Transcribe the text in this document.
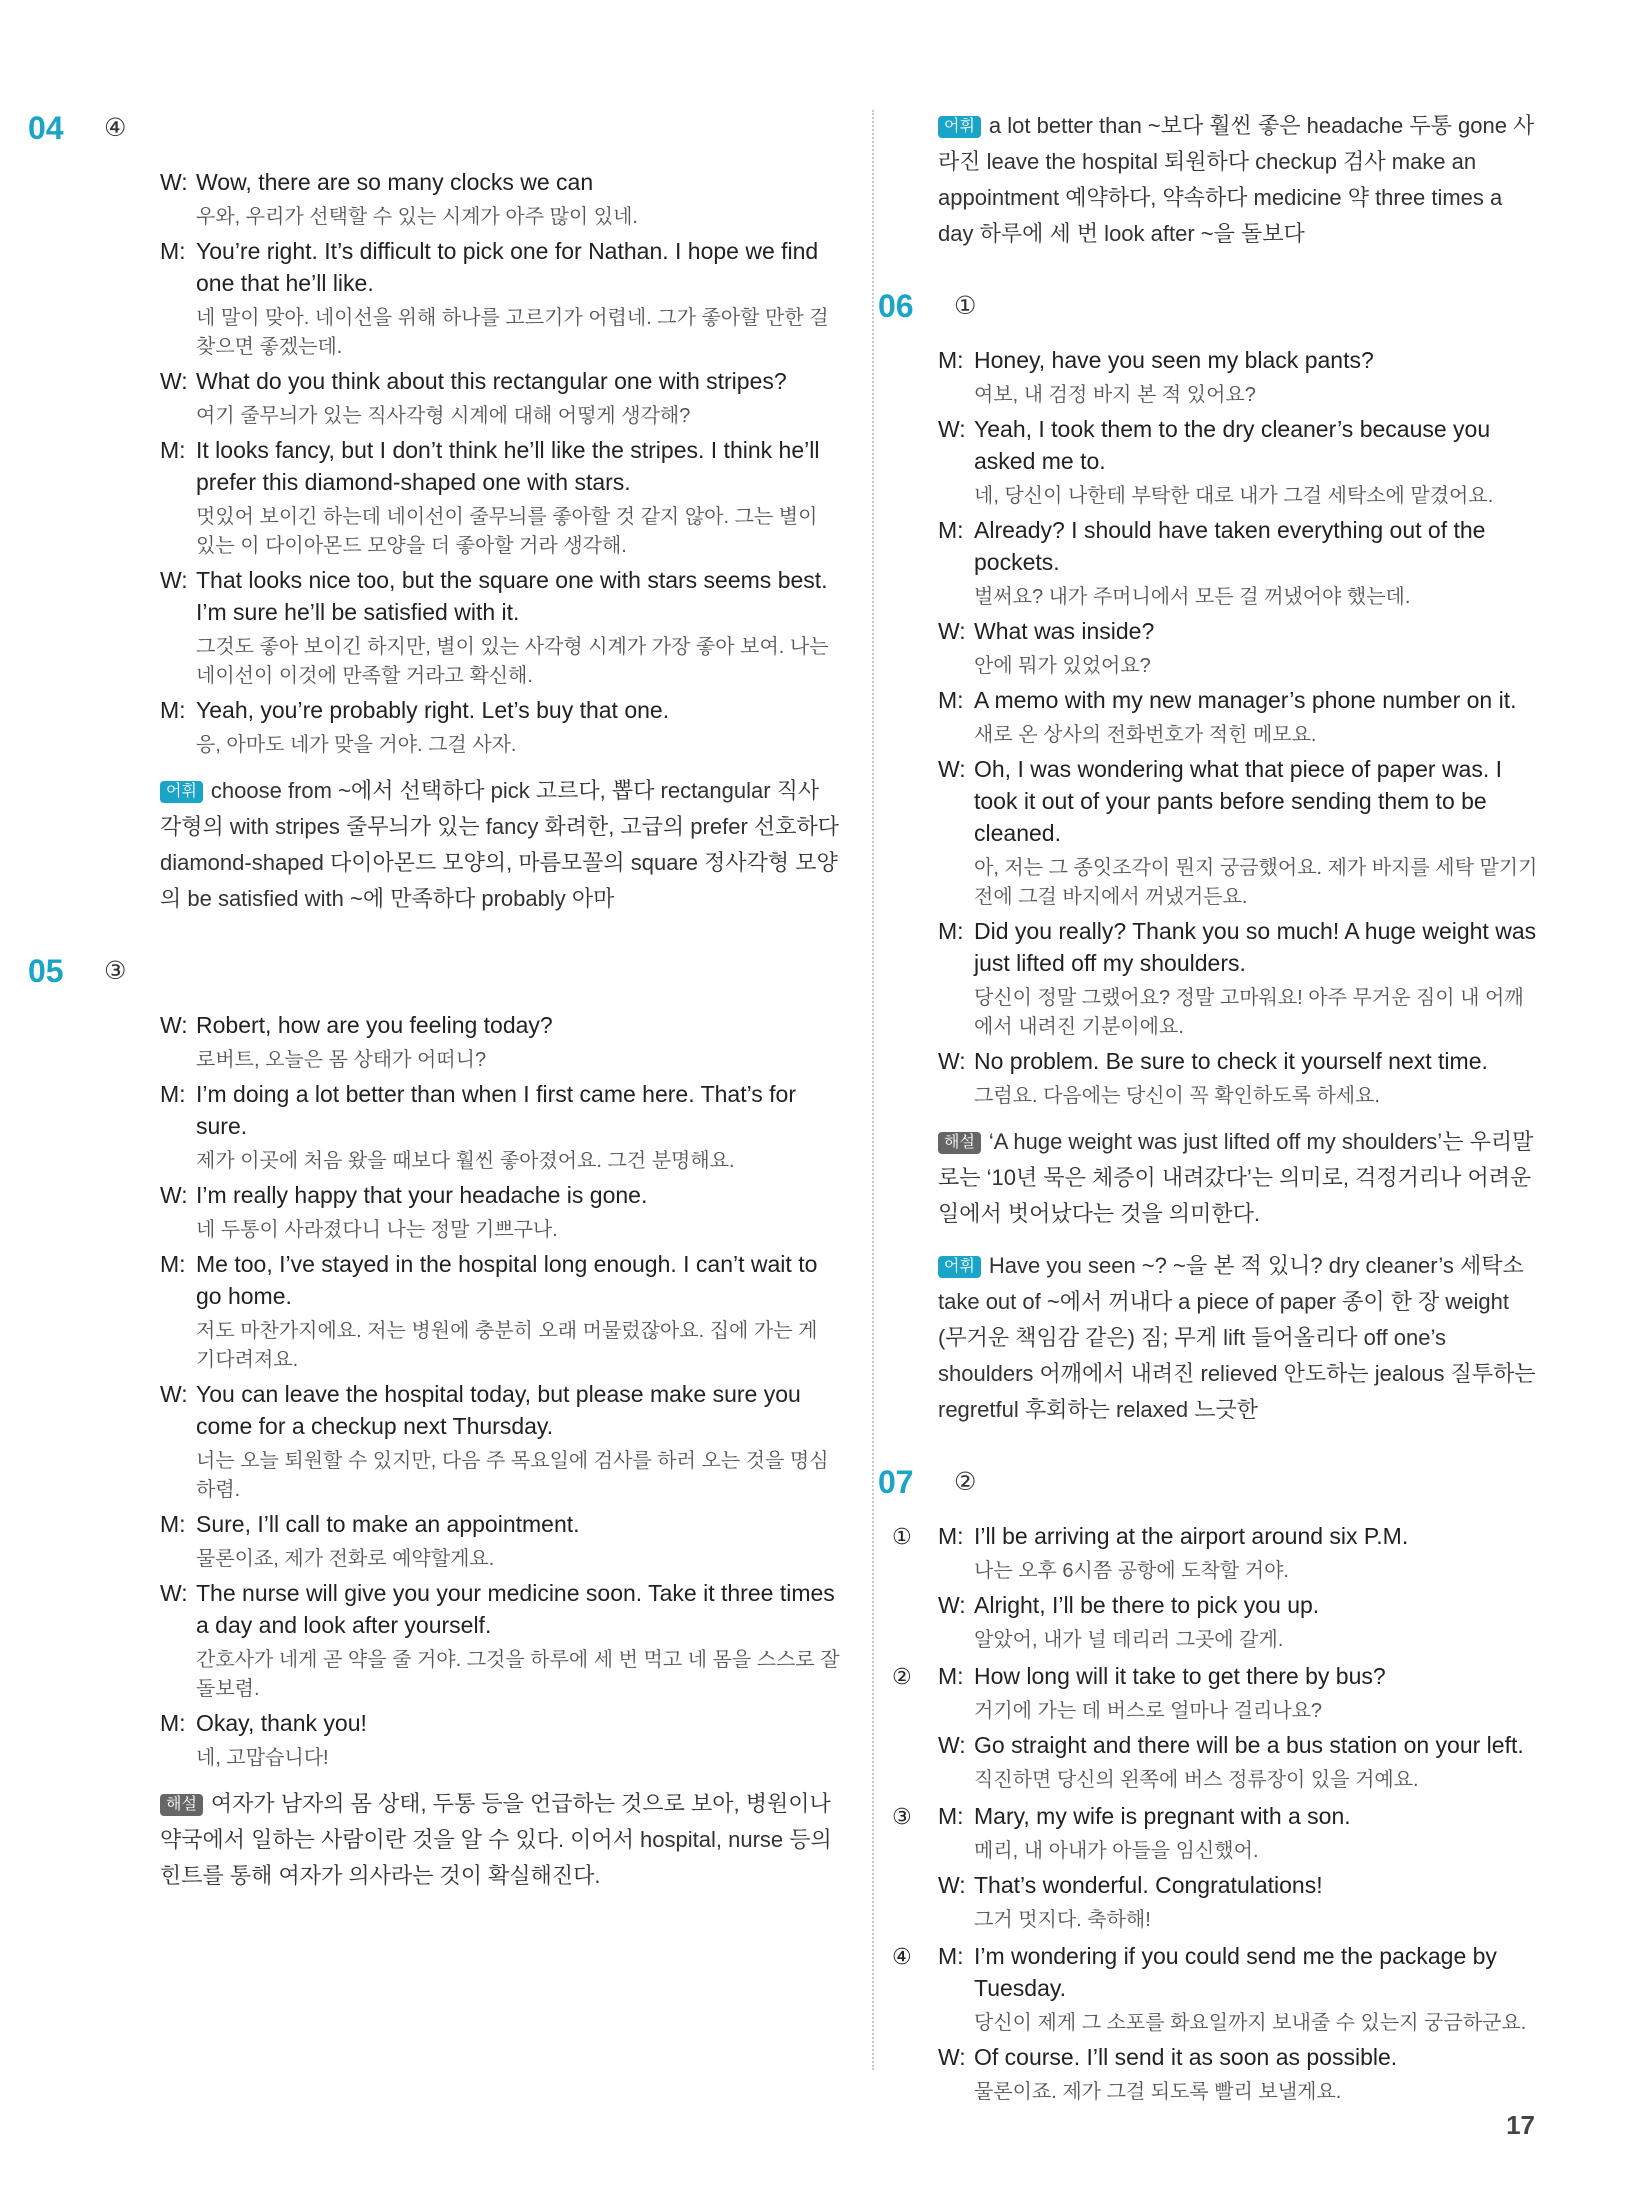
04	④
W: Wow, there are so many clocks we can
우와, 우리가 선택할 수 있는 시계가 아주 많이 있네.
M: You’re right. It’s difficult to pick one for Nathan. I hope we find one that he’ll like.
네 말이 맞아. 네이선을 위해 하나를 고르기가 어렵네. 그가 좋아할 만한 걸 찾으면 좋겠는데.
W: What do you think about this rectangular one with stripes?
여기 줄무늬가 있는 직사각형 시계에 대해 어떻게 생각해?
M: It looks fancy, but I don’t think he’ll like the stripes. I think he’ll prefer this diamond-shaped one with stars.
멋있어 보이긴 하는데 네이선이 줄무늬를 좋아할 것 같지 않아. 그는 별이 있는 이 다이아몬드 모양을 더 좋아할 거라 생각해.
W: That looks nice too, but the square one with stars seems best. I’m sure he’ll be satisfied with it.
그것도 좋아 보이긴 하지만, 별이 있는 사각형 시계가 가장 좋아 보여. 나는 네이선이 이것에 만족할 거라고 확신해.
M: Yeah, you’re probably right. Let’s buy that one.
응, 아마도 네가 맞을 거야. 그걸 사자.
어휘 choose from ~에서 선택하다 pick 고르다, 뽑다 rectangular 직사각형의 with stripes 줄무늬가 있는 fancy 화려한, 고급의 prefer 선호하다 diamond-shaped 다이아몬드 모양의, 마름모꼴의 square 정사각형 모양의 be satisfied with ~에 만족하다 probably 아마
05	③
W: Robert, how are you feeling today?
로버트, 오늘은 몸 상태가 어떠니?
M: I’m doing a lot better than when I first came here. That’s for sure.
제가 이곳에 처음 왔을 때보다 훨씬 좋아졌어요. 그건 분명해요.
W: I’m really happy that your headache is gone.
네 두통이 사라졌다니 나는 정말 기쁘구나.
M: Me too, I’ve stayed in the hospital long enough. I can’t wait to go home.
저도 마찬가지에요. 저는 병원에 충분히 오래 머물렀잖아요. 집에 가는 게 기다려져요.
W: You can leave the hospital today, but please make sure you come for a checkup next Thursday.
너는 오늘 퇴원할 수 있지만, 다음 주 목요일에 검사를 하러 오는 것을 명심하렴.
M: Sure, I’ll call to make an appointment.
물론이죠, 제가 전화로 예약할게요.
W: The nurse will give you your medicine soon. Take it three times a day and look after yourself.
간호사가 네게 곧 약을 줄 거야. 그것을 하루에 세 번 먹고 네 몸을 스스로 잘 돌보렴.
M: Okay, thank you!
네, 고맙습니다!
해설 여자가 남자의 몸 상태, 두통 등을 언급하는 것으로 보아, 병원이나 약국에서 일하는 사람이란 것을 알 수 있다. 이어서 hospital, nurse 등의 힌트를 통해 여자가 의사라는 것이 확실해진다.
어휘 a lot better than ~보다 훨씬 좋은 headache 두통 gone 사라진 leave the hospital 퇴원하다 checkup 검사 make an appointment 예약하다, 약속하다 medicine 약 three times a day 하루에 세 번 look after ~을 돌보다
06	①
M: Honey, have you seen my black pants?
여보, 내 검정 바지 본 적 있어요?
W: Yeah, I took them to the dry cleaner’s because you asked me to.
네, 당신이 나한테 부탁한 대로 내가 그걸 세탁소에 맡겼어요.
M: Already? I should have taken everything out of the pockets.
벌써요? 내가 주머니에서 모든 걸 꺼냈어야 했는데.
W: What was inside?
안에 뭐가 있었어요?
M: A memo with my new manager’s phone number on it.
새로 온 상사의 전화번호가 적힌 메모요.
W: Oh, I was wondering what that piece of paper was. I took it out of your pants before sending them to be cleaned.
아, 저는 그 종잇조각이 뭔지 궁금했어요. 제가 바지를 세탁 맡기기 전에 그걸 바지에서 꺼냈거든요.
M: Did you really? Thank you so much! A huge weight was just lifted off my shoulders.
당신이 정말 그랬어요? 정말 고마워요! 아주 무거운 짐이 내 어깨에서 내려진 기분이에요.
W: No problem. Be sure to check it yourself next time.
그럼요. 다음에는 당신이 꼭 확인하도록 하세요.
해설 ‘A huge weight was just lifted off my shoulders’는 우리말로는 ‘10년 묵은 체증이 내려갔다’는 의미로, 걱정거리나 어려운 일에서 벗어났다는 것을 의미한다.
어휘 Have you seen ~? ~을 본 적 있니? dry cleaner’s 세탁소 take out of ~에서 꺼내다 a piece of paper 종이 한 장 weight (무거운 책임감 같은) 짐; 무게 lift 들어올리다 off one’s shoulders 어깨에서 내려진 relieved 안도하는 jealous 질투하는 regretful 후회하는 relaxed 느긋한
07	②
① M: I’ll be arriving at the airport around six P.M.
나는 오후 6시쯤 공항에 도착할 거야.
W: Alright, I’ll be there to pick you up.
알았어, 내가 널 데리러 그곳에 갈게.
② M: How long will it take to get there by bus?
거기에 가는 데 버스로 얼마나 걸리나요?
W: Go straight and there will be a bus station on your left.
직진하면 당신의 왼쪽에 버스 정류장이 있을 거예요.
③ M: Mary, my wife is pregnant with a son.
메리, 내 아내가 아들을 임신했어.
W: That’s wonderful. Congratulations!
그거 멋지다. 축하해!
④ M: I’m wondering if you could send me the package by Tuesday.
당신이 제게 그 소포를 화요일까지 보내줄 수 있는지 궁금하군요.
W: Of course. I’ll send it as soon as possible.
물론이죠. 제가 그걸 되도록 빨리 보낼게요.
17
